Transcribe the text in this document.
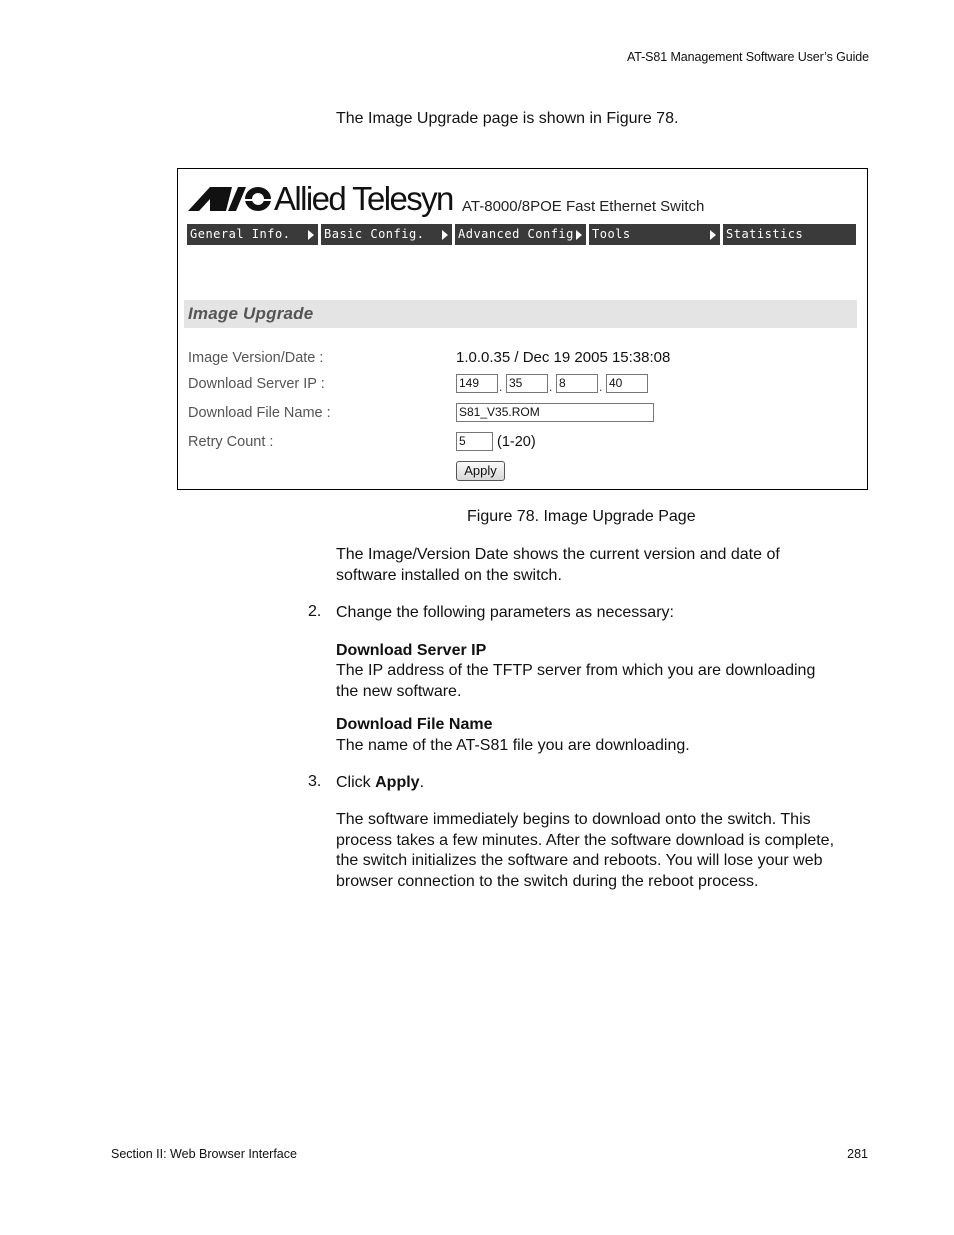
AT-S81 Management Software User’s Guide
The Image Upgrade page is shown in Figure 78.
Allied Telesyn AT-8000/8POE Fast Ethernet Switch
General Info.	Basic Config.	Advanced Config. Tools	Statistics
Image Upgrade
Image Version/Date :	1.0.0.35 / Dec 19 2005 15:38:08
Download Server IP :	149	. 35	. 8	. 40
Download File Name :	S81_V35.ROM
Retry Count :	5	(1-20)
Apply
Figure 78. Image Upgrade Page
The Image/Version Date shows the current version and date of
software installed on the switch.
2. Change the following parameters as necessary:
Download Server IP
The IP address of the TFTP server from which you are downloading
the new software.
Download File Name
The name of the AT-S81 file you are downloading.
3. Click Apply.
The software immediately begins to download onto the switch. This
process takes a few minutes. After the software download is complete,
the switch initializes the software and reboots. You will lose your web
browser connection to the switch during the reboot process.
Section II: Web Browser Interface	281
